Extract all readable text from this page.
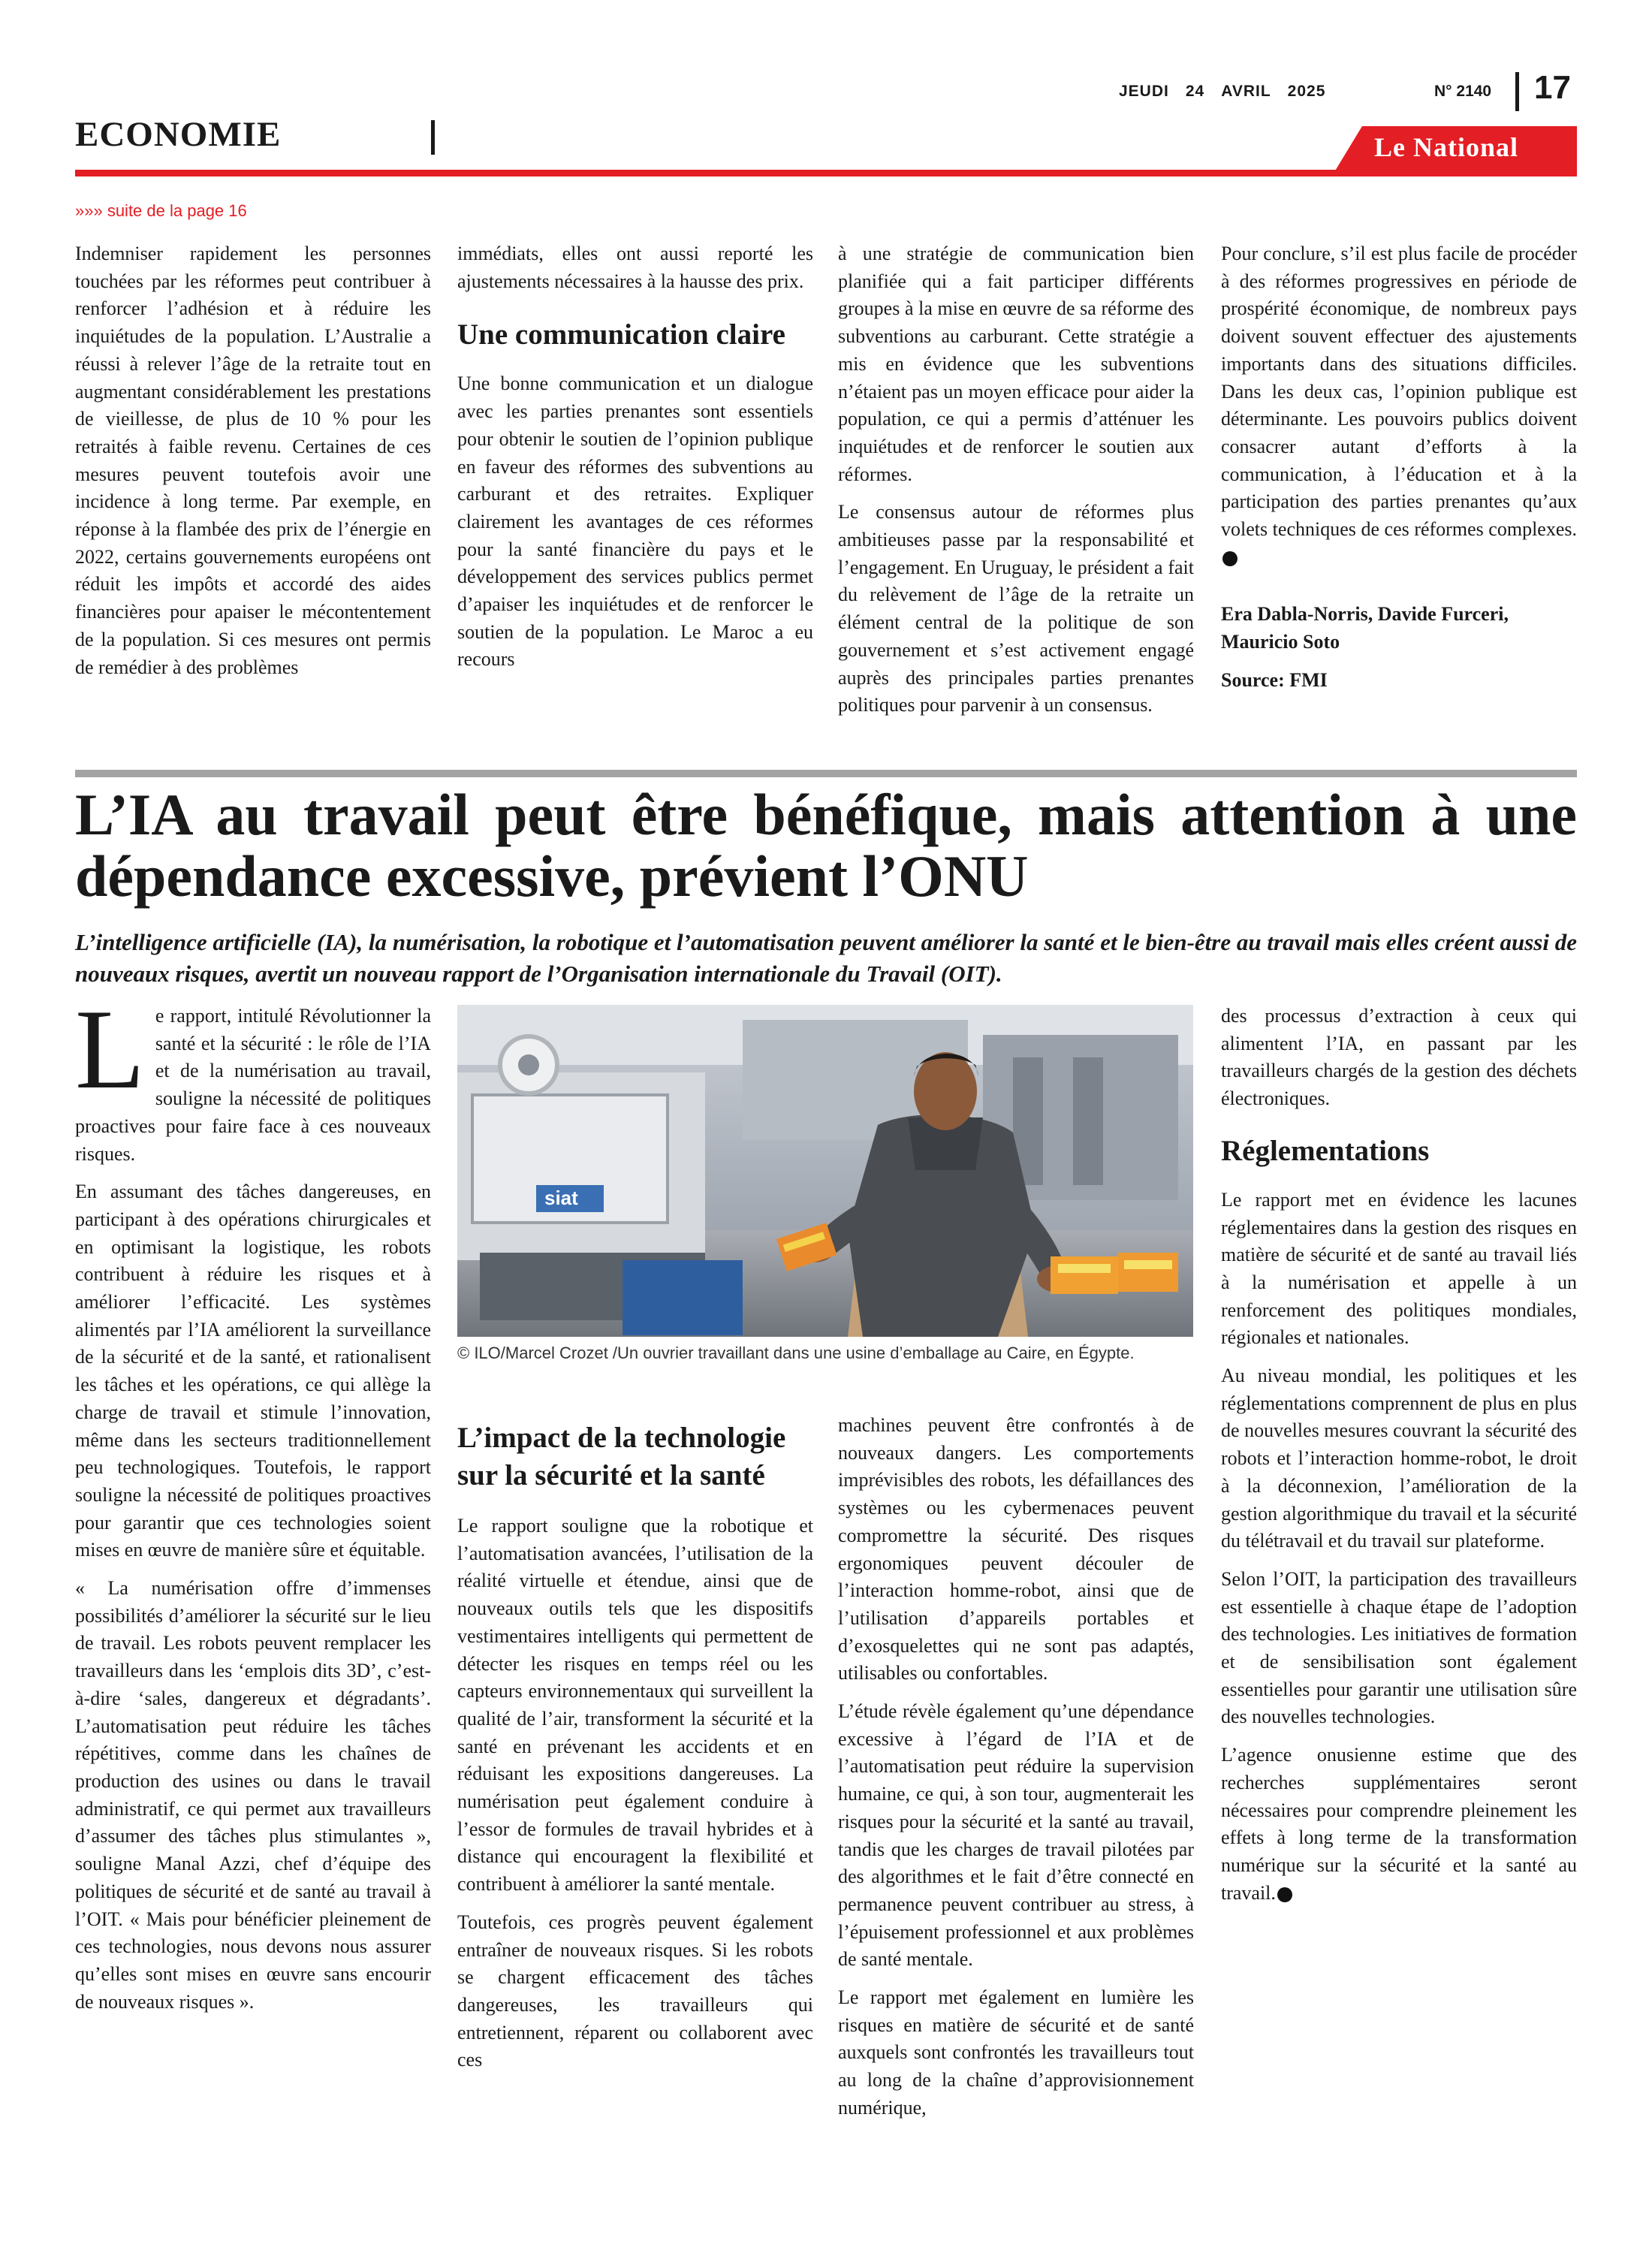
JEUDI 24 AVRIL 2025	N° 2140 17
ECONOMIE	Le National
»»» suite de la page 16

Indemniser rapidement les personnes touchées par les réformes peut contribuer à renforcer l’adhésion et à réduire les inquiétudes de la population. L’Australie a réussi à relever l’âge de la retraite tout en augmentant considérablement les prestations de vieillesse, de plus de 10 % pour les retraités à faible revenu. Certaines de ces mesures peuvent toutefois avoir une incidence à long terme. Par exemple, en réponse à la flambée des prix de l’énergie en 2022, certains gouvernements européens ont réduit les impôts et accordé des aides financières pour apaiser le mécontentement de la population. Si ces mesures ont permis de remédier à des problèmes

immédiats, elles ont aussi reporté les ajustements nécessaires à la hausse des prix.

Une communication claire

Une bonne communication et un dialogue avec les parties prenantes sont essentiels pour obtenir le soutien de l’opinion publique en faveur des réformes des subventions au carburant et des retraites. Expliquer clairement les avantages de ces réformes pour la santé financière du pays et le développement des services publics permet d’apaiser les inquiétudes et de renforcer le soutien de la population. Le Maroc a eu recours

à une stratégie de communication bien planifiée qui a fait participer différents groupes à la mise en œuvre de sa réforme des subventions au carburant. Cette stratégie a mis en évidence que les subventions n’étaient pas un moyen efficace pour aider la population, ce qui a permis d’atténuer les inquiétudes et de renforcer le soutien aux réformes.

Le consensus autour de réformes plus ambitieuses passe par la responsabilité et l’engagement. En Uruguay, le président a fait du relèvement de l’âge de la retraite un élément central de la politique de son gouvernement et s’est activement engagé auprès des principales parties prenantes politiques pour parvenir à un consensus.

Pour conclure, s’il est plus facile de procéder à des réformes progressives en période de prospérité économique, de nombreux pays doivent souvent effectuer des ajustements importants dans des situations difficiles. Dans les deux cas, l’opinion publique est déterminante. Les pouvoirs publics doivent consacrer autant d’efforts à la communication, à l’éducation et à la participation des parties prenantes qu’aux volets techniques de ces réformes complexes.

Era Dabla-Norris, Davide Furceri, Mauricio Soto

Source: FMI

L’IA au travail peut être bénéfique, mais attention à une dépendance excessive, prévient l’ONU

L’intelligence artificielle (IA), la numérisation, la robotique et l’automatisation peuvent améliorer la santé et le bien-être au travail mais elles créent aussi de nouveaux risques, avertit un nouveau rapport de l’Organisation internationale du Travail (OIT).

Le rapport, intitulé Révolutionner la santé et la sécurité : le rôle de l’IA et de la numérisation au travail, souligne la nécessité de politiques proactives pour faire face à ces nouveaux risques.

En assumant des tâches dangereuses, en participant à des opérations chirurgicales et en optimisant la logistique, les robots contribuent à réduire les risques et à améliorer l’efficacité. Les systèmes alimentés par l’IA améliorent la surveillance de la sécurité et de la santé, et rationalisent les tâches et les opérations, ce qui allège la charge de travail et stimule l’innovation, même dans les secteurs traditionnellement peu technologiques. Toutefois, le rapport souligne la nécessité de politiques proactives pour garantir que ces technologies soient mises en œuvre de manière sûre et équitable.

« La numérisation offre d’immenses possibilités d’améliorer la sécurité sur le lieu de travail. Les robots peuvent remplacer les travailleurs dans les ‘emplois dits 3D’, c’est-à-dire ‘sales, dangereux et dégradants’. L’automatisation peut réduire les tâches répétitives, comme dans les chaînes de production des usines ou dans le travail administratif, ce qui permet aux travailleurs d’assumer des tâches plus stimulantes », souligne Manal Azzi, chef d’équipe des politiques de sécurité et de santé au travail à l’OIT. « Mais pour bénéficier pleinement de ces technologies, nous devons nous assurer qu’elles sont mises en œuvre sans encourir de nouveaux risques ».

siat
© ILO/Marcel Crozet /Un ouvrier travaillant dans une usine d’emballage au Caire, en Égypte.
L’impact de la technologie sur la sécurité et la santé

Le rapport souligne que la robotique et l’automatisation avancées, l’utilisation de la réalité virtuelle et étendue, ainsi que de nouveaux outils tels que les dispositifs vestimentaires intelligents qui permettent de détecter les risques en temps réel ou les capteurs environnementaux qui surveillent la qualité de l’air, transforment la sécurité et la santé en prévenant les accidents et en réduisant les expositions dangereuses. La numérisation peut également conduire à l’essor de formules de travail hybrides et à distance qui encouragent la flexibilité et contribuent à améliorer la santé mentale.

Toutefois, ces progrès peuvent également entraîner de nouveaux risques. Si les robots se chargent efficacement des tâches dangereuses, les travailleurs qui entretiennent, réparent ou collaborent avec ces

machines peuvent être confrontés à de nouveaux dangers. Les comportements imprévisibles des robots, les défaillances des systèmes ou les cybermenaces peuvent compromettre la sécurité. Des risques ergonomiques peuvent découler de l’interaction homme-robot, ainsi que de l’utilisation d’appareils portables et d’exosquelettes qui ne sont pas adaptés, utilisables ou confortables.

L’étude révèle également qu’une dépendance excessive à l’égard de l’IA et de l’automatisation peut réduire la supervision humaine, ce qui, à son tour, augmenterait les risques pour la sécurité et la santé au travail, tandis que les charges de travail pilotées par des algorithmes et le fait d’être connecté en permanence peuvent contribuer au stress, à l’épuisement professionnel et aux problèmes de santé mentale.

Le rapport met également en lumière les risques en matière de sécurité et de santé auxquels sont confrontés les travailleurs tout au long de la chaîne d’approvisionnement numérique,

des processus d’extraction à ceux qui alimentent l’IA, en passant par les travailleurs chargés de la gestion des déchets électroniques.

Réglementations

Le rapport met en évidence les lacunes réglementaires dans la gestion des risques en matière de sécurité et de santé au travail liés à la numérisation et appelle à un renforcement des politiques mondiales, régionales et nationales.

Au niveau mondial, les politiques et les réglementations comprennent de plus en plus de nouvelles mesures couvrant la sécurité des robots et l’interaction homme-robot, le droit à la déconnexion, l’amélioration de la gestion algorithmique du travail et la sécurité du télétravail et du travail sur plateforme.

Selon l’OIT, la participation des travailleurs est essentielle à chaque étape de l’adoption des technologies. Les initiatives de formation et de sensibilisation sont également essentielles pour garantir une utilisation sûre des nouvelles technologies.

L’agence onusienne estime que des recherches supplémentaires seront nécessaires pour comprendre pleinement les effets à long terme de la transformation numérique sur la sécurité et la santé au travail.
